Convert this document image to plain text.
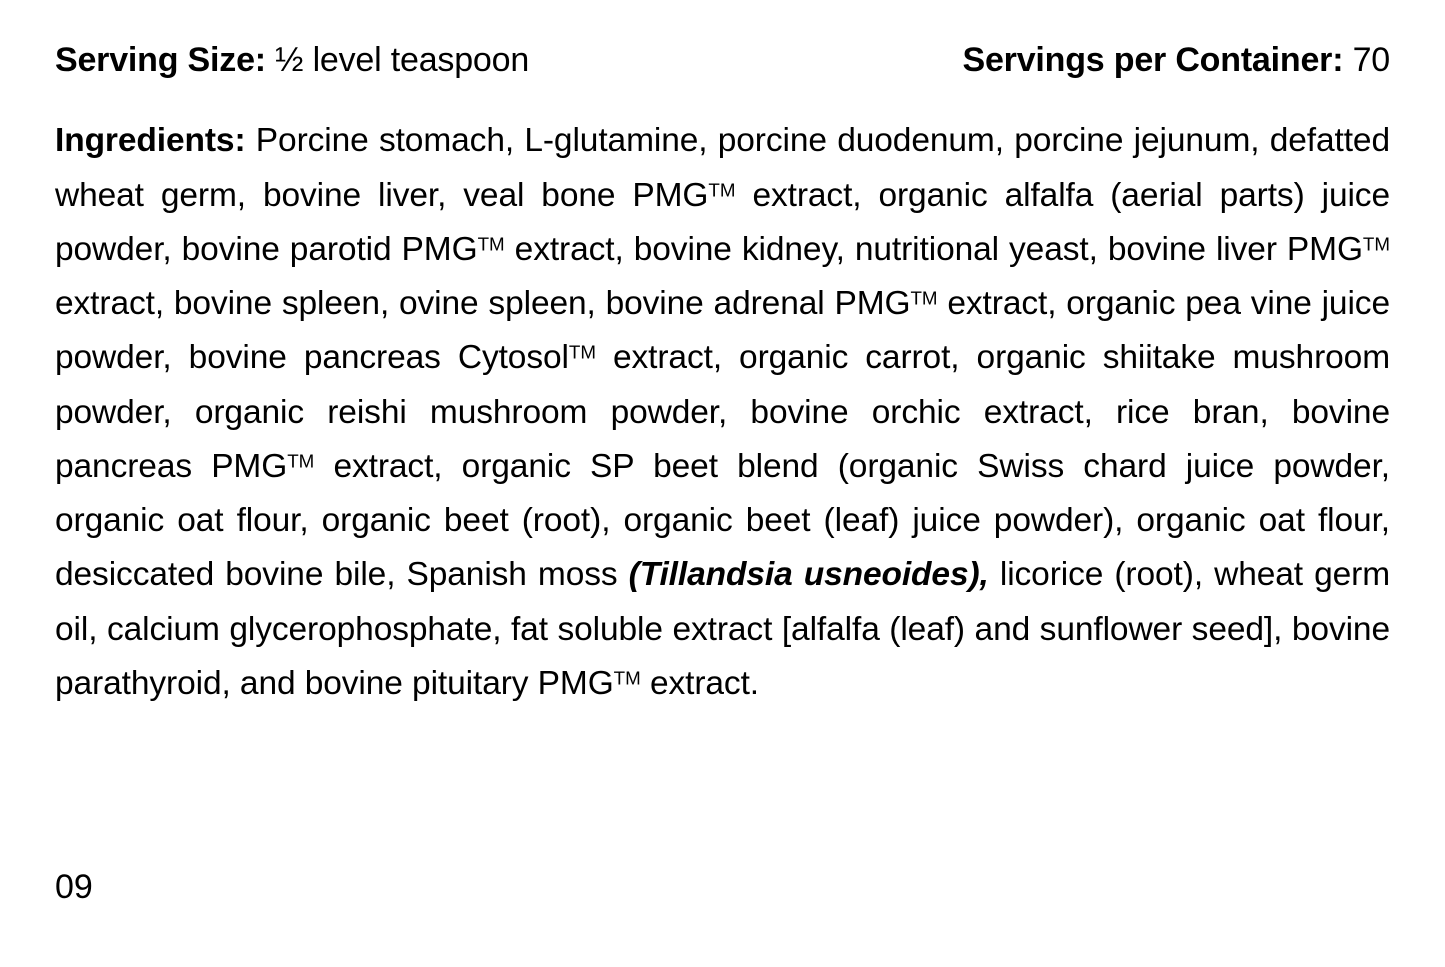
Serving Size: ½ level teaspoon	Servings per Container: 70

Ingredients: Porcine stomach, L-glutamine, porcine duodenum, porcine jejunum, defatted wheat germ, bovine liver, veal bone PMG™ extract, organic alfalfa (aerial parts) juice powder, bovine parotid PMG™ extract, bovine kidney, nutritional yeast, bovine liver PMG™ extract, bovine spleen, ovine spleen, bovine adrenal PMG™ extract, organic pea vine juice powder, bovine pancreas Cytosol™ extract, organic carrot, organic shiitake mushroom powder, organic reishi mushroom powder, bovine orchic extract, rice bran, bovine pancreas PMG™ extract, organic SP beet blend (organic Swiss chard juice powder, organic oat flour, organic beet (root), organic beet (leaf) juice powder), organic oat flour, desiccated bovine bile, Spanish moss (Tillandsia usneoides), licorice (root), wheat germ oil, calcium glycerophosphate, fat soluble extract [alfalfa (leaf) and sunflower seed], bovine parathyroid, and bovine pituitary PMG™ extract.

09
